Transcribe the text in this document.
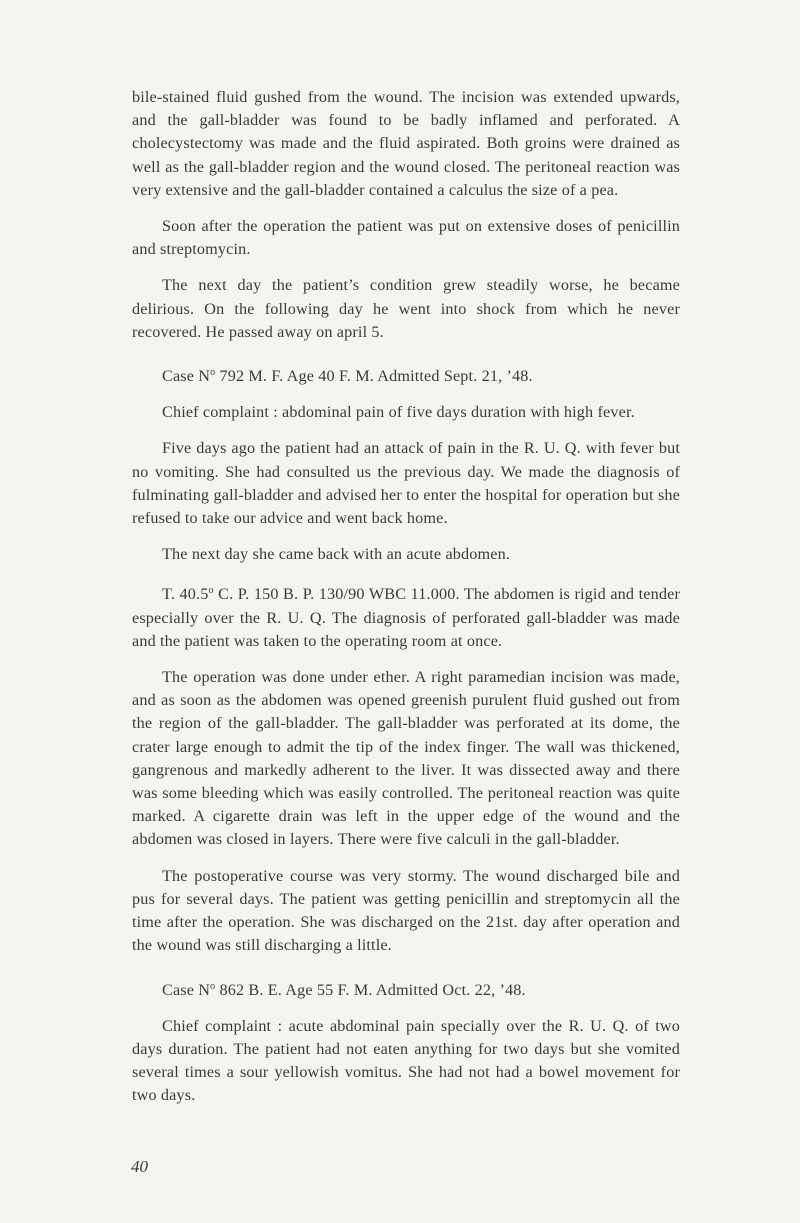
bile-stained fluid gushed from the wound. The incision was extended upwards, and the gall-bladder was found to be badly inflamed and perforated. A cholecystectomy was made and the fluid aspirated. Both groins were drained as well as the gall-bladder region and the wound closed. The peritoneal reaction was very extensive and the gall-bladder contained a calculus the size of a pea.

Soon after the operation the patient was put on extensive doses of penicillin and streptomycin.

The next day the patient’s condition grew steadily worse, he became delirious. On the following day he went into shock from which he never recovered. He passed away on april 5.

Case $N^o$ 792 M. F. Age 40 F. M. Admitted Sept. 21, ’48.

Chief complaint : abdominal pain of five days duration with high fever.

Five days ago the patient had an attack of pain in the R. U. Q. with fever but no vomiting. She had consulted us the previous day. We made the diagnosis of fulminating gall-bladder and advised her to enter the hospital for operation but she refused to take our advice and went back home.

The next day she came back with an acute abdomen.

T. 40.5$^o$ C. P. 150 B. P. 130/90 WBC 11.000. The abdomen is rigid and tender especially over the R. U. Q. The diagnosis of perforated gall-bladder was made and the patient was taken to the operating room at once.

The operation was done under ether. A right paramedian incision was made, and as soon as the abdomen was opened greenish purulent fluid gushed out from the region of the gall-bladder. The gall-bladder was perforated at its dome, the crater large enough to admit the tip of the index finger. The wall was thickened, gangrenous and markedly adherent to the liver. It was dissected away and there was some bleeding which was easily controlled. The peritoneal reaction was quite marked. A cigarette drain was left in the upper edge of the wound and the abdomen was closed in layers. There were five calculi in the gall-bladder.

The postoperative course was very stormy. The wound discharged bile and pus for several days. The patient was getting penicillin and streptomycin all the time after the operation. She was discharged on the 21st. day after operation and the wound was still discharging a little.

Case $N^o$ 862 B. E. Age 55 F. M. Admitted Oct. 22, ’48.

Chief complaint : acute abdominal pain specially over the R. U. Q. of two days duration. The patient had not eaten anything for two days but she vomited several times a sour yellowish vomitus. She had not had a bowel movement for two days.

40
